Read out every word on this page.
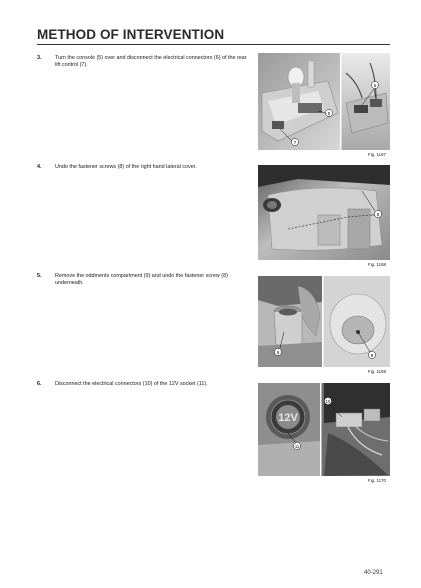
METHOD OF INTERVENTION
3.	Turn the console (5) over and disconnect the electrical connectors (6) of the rear lift control (7).
5
7
6
Fig. 1167
4.	Undo the fastener screws (8) of the right hand lateral cover.
8
Fig. 1168
5.	Remove the oddments compartment (9) and undo the fastener screw (8) underneath.
9
8
Fig. 1169
6.	Disconnect the electrical connectors (10) of the 12V socket (11).
12V
11
10
Fig. 1170
40-291
